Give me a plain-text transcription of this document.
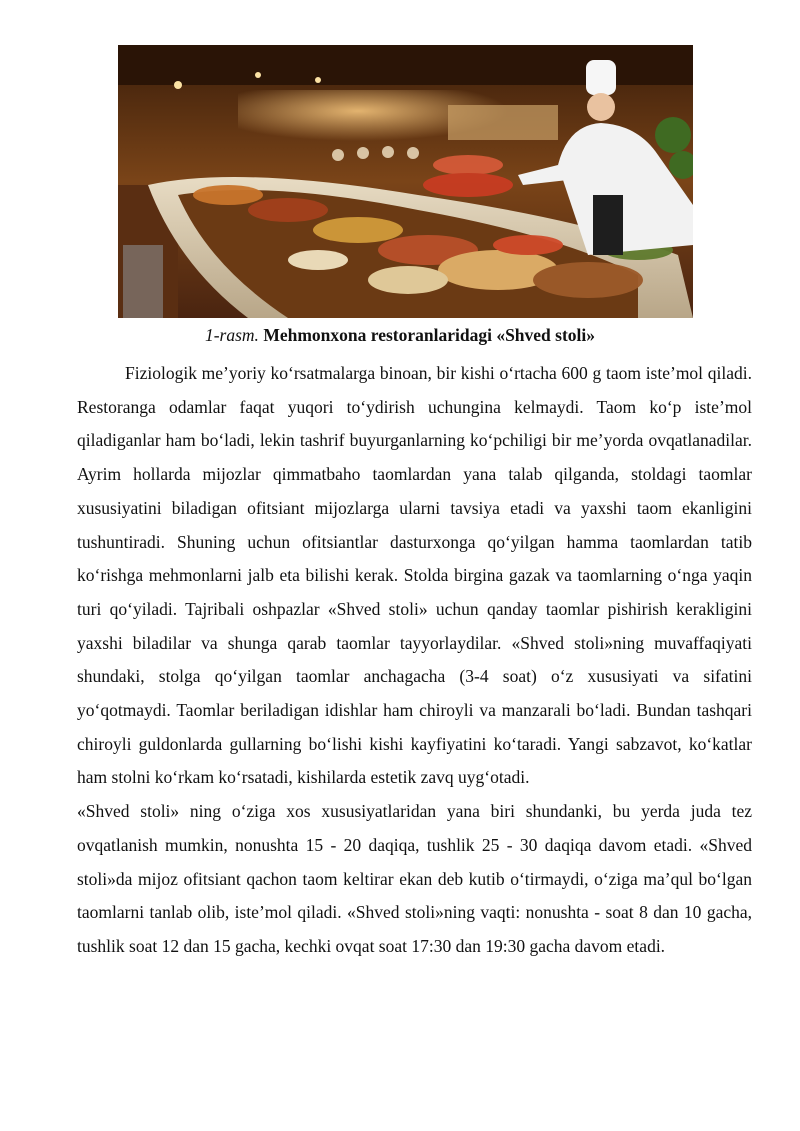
1-rasm. Mehmonxona restoranlaridagi «Shved stoli»

Fiziologik me’yoriy ko‘rsatmalarga binoan, bir kishi o‘rtacha 600 g taom iste’mol qiladi. Restoranga odamlar faqat yuqori to‘ydirish uchungina kelmaydi. Taom ko‘p iste’mol qiladiganlar ham bo‘ladi, lekin tashrif buyurganlarning ko‘pchiligi bir me’yorda ovqatlanadilar. Ayrim hollarda mijozlar qimmatbaho taomlardan yana talab qilganda, stoldagi taomlar xususiyatini biladigan ofitsiant mijozlarga ularni tavsiya etadi va yaxshi taom ekanligini tushuntiradi. Shuning uchun ofitsiantlar dasturxonga qo‘yilgan hamma taomlardan tatib ko‘rishga mehmonlarni jalb eta bilishi kerak. Stolda birgina gazak va taomlarning o‘nga yaqin turi qo‘yiladi. Tajribali oshpazlar «Shved stoli» uchun qanday taomlar pishirish kerakligini yaxshi biladilar va shunga qarab taomlar tayyorlaydilar. «Shved stoli»ning muvaffaqiyati shundaki, stolga qo‘yilgan taomlar anchagacha (3-4 soat) o‘z xususiyati va sifatini yo‘qotmaydi. Taomlar beriladigan idishlar ham chiroyli va manzarali bo‘ladi. Bundan tashqari chiroyli guldonlarda gullarning bo‘lishi kishi kayfiyatini ko‘taradi. Yangi sabzavot, ko‘katlar ham stolni ko‘rkam ko‘rsatadi, kishilarda estetik zavq uyg‘otadi.

«Shved stoli» ning o‘ziga xos xususiyatlaridan yana biri shundanki, bu yerda juda tez ovqatlanish mumkin, nonushta 15 - 20 daqiqa, tushlik 25 - 30 daqiqa davom etadi. «Shved stoli»da mijoz ofitsiant qachon taom keltirar ekan deb kutib o‘tirmaydi, o‘ziga ma’qul bo‘lgan taomlarni tanlab olib, iste’mol qiladi. «Shved stoli»ning vaqti: nonushta - soat 8 dan 10 gacha, tushlik soat 12 dan 15 gacha, kechki ovqat soat 17:30 dan 19:30 gacha davom etadi.
